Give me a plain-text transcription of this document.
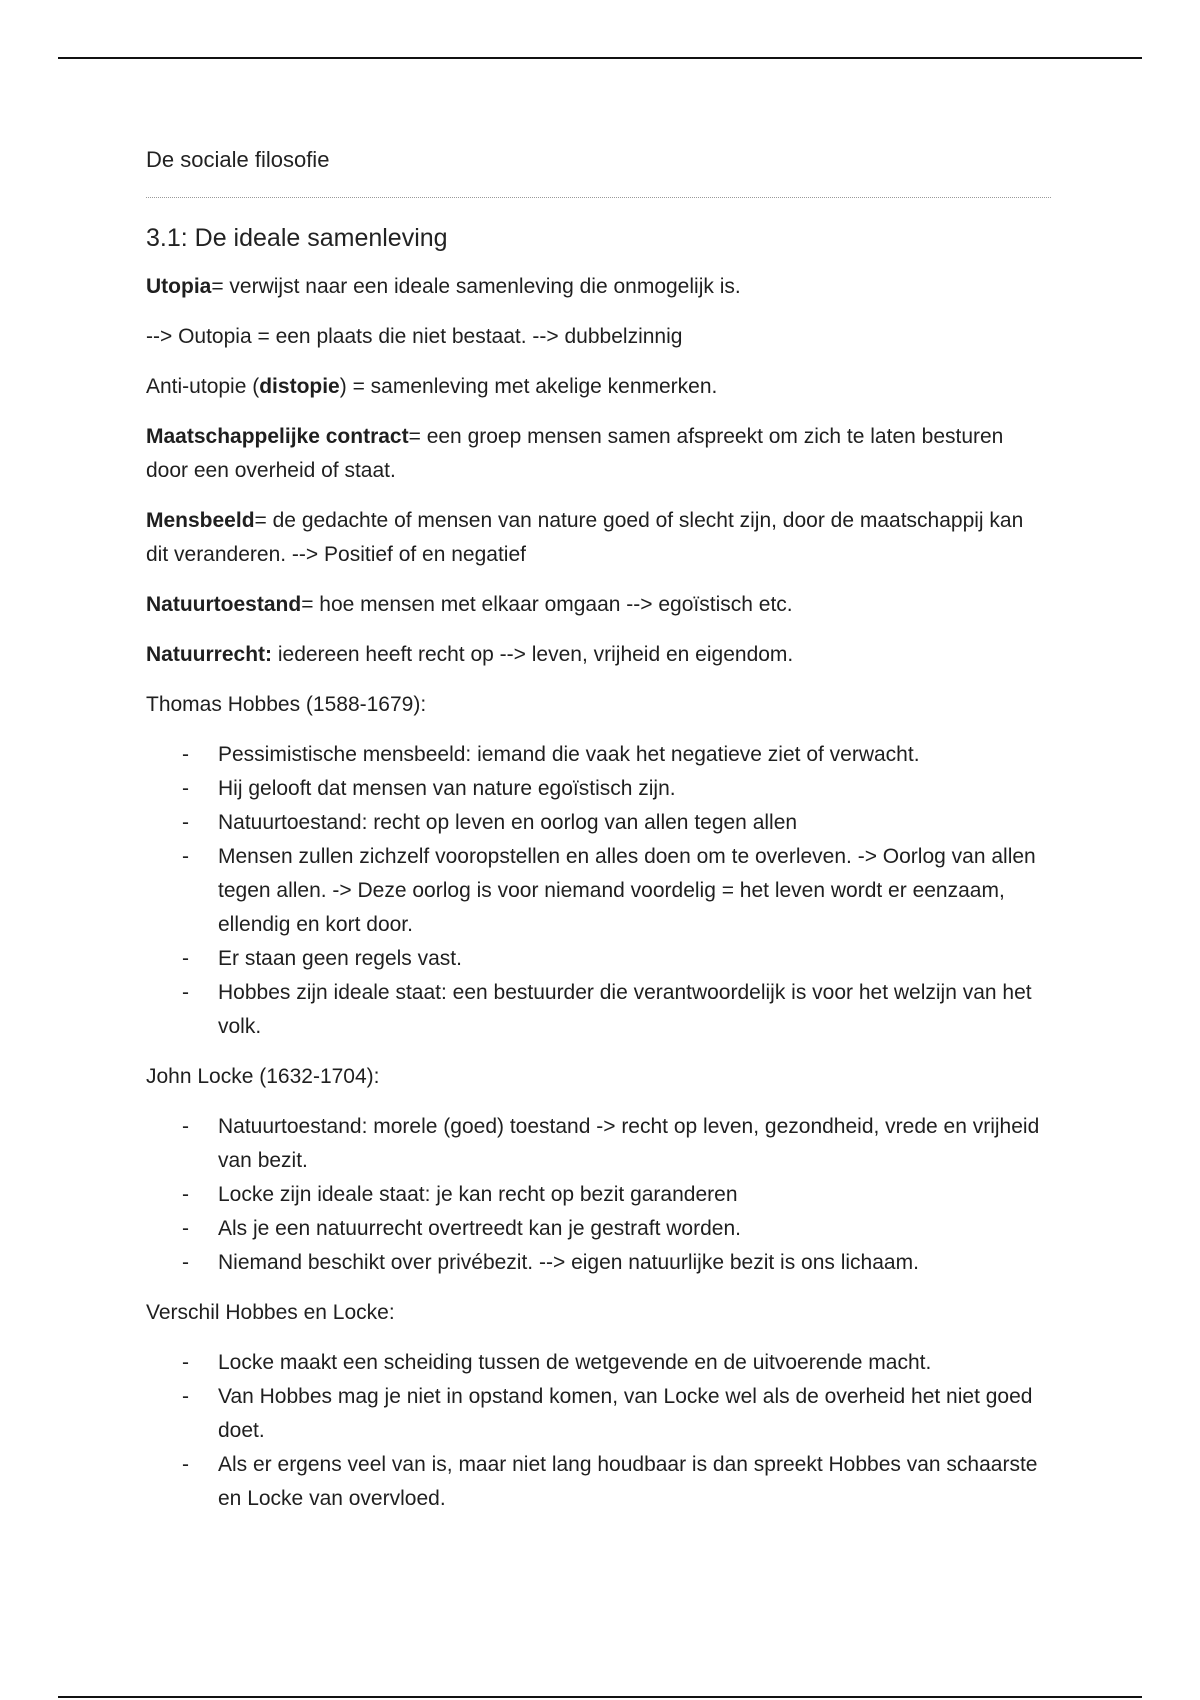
De sociale filosofie

3.1: De ideale samenleving

Utopia= verwijst naar een ideale samenleving die onmogelijk is.

--> Outopia = een plaats die niet bestaat. --> dubbelzinnig

Anti-utopie (distopie) = samenleving met akelige kenmerken.

Maatschappelijke contract= een groep mensen samen afspreekt om zich te laten besturen door een overheid of staat.

Mensbeeld= de gedachte of mensen van nature goed of slecht zijn, door de maatschappij kan dit veranderen. --> Positief of en negatief

Natuurtoestand= hoe mensen met elkaar omgaan --> egoïstisch etc.

Natuurrecht: iedereen heeft recht op --> leven, vrijheid en eigendom.

Thomas Hobbes (1588-1679):

- Pessimistische mensbeeld: iemand die vaak het negatieve ziet of verwacht.
- Hij gelooft dat mensen van nature egoïstisch zijn.
- Natuurtoestand: recht op leven en oorlog van allen tegen allen
- Mensen zullen zichzelf vooropstellen en alles doen om te overleven. -> Oorlog van allen tegen allen. -> Deze oorlog is voor niemand voordelig = het leven wordt er eenzaam, ellendig en kort door.
- Er staan geen regels vast.
- Hobbes zijn ideale staat: een bestuurder die verantwoordelijk is voor het welzijn van het volk.

John Locke (1632-1704):

- Natuurtoestand: morele (goed) toestand -> recht op leven, gezondheid, vrede en vrijheid van bezit.
- Locke zijn ideale staat: je kan recht op bezit garanderen
- Als je een natuurrecht overtreedt kan je gestraft worden.
- Niemand beschikt over privébezit. --> eigen natuurlijke bezit is ons lichaam.

Verschil Hobbes en Locke:

- Locke maakt een scheiding tussen de wetgevende en de uitvoerende macht.
- Van Hobbes mag je niet in opstand komen, van Locke wel als de overheid het niet goed doet.
- Als er ergens veel van is, maar niet lang houdbaar is dan spreekt Hobbes van schaarste en Locke van overvloed.
